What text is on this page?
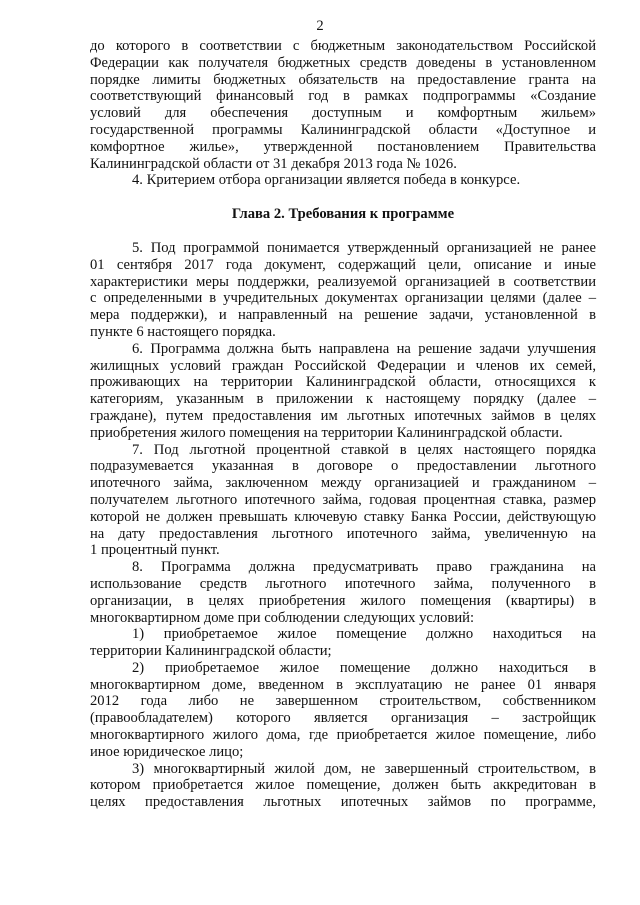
2

до которого в соответствии с бюджетным законодательством Российской

Федерации как получателя бюджетных средств доведены в установленном

порядке лимиты бюджетных обязательств на предоставление гранта на

соответствующий финансовый год в рамках подпрограммы «Создание

условий для обеспечения доступным и комфортным жильем»

государственной программы Калининградской области «Доступное и

комфортное жилье», утвержденной постановлением Правительства

Калининградской области от 31 декабря 2013 года № 1026.

4. Критерием отбора организации является победа в конкурсе.

Глава 2. Требования к программе

5. Под программой понимается утвержденный организацией не ранее

01 сентября 2017 года документ, содержащий цели, описание и иные

характеристики меры поддержки, реализуемой организацией в соответствии

с определенными в учредительных документах организации целями (далее –

мера поддержки), и направленный на решение задачи, установленной в

пункте 6 настоящего порядка.

6. Программа должна быть направлена на решение задачи улучшения

жилищных условий граждан Российской Федерации и членов их семей,

проживающих на территории Калининградской области, относящихся к

категориям, указанным в приложении к настоящему порядку (далее –

граждане), путем предоставления им льготных ипотечных займов в целях

приобретения жилого помещения на территории Калининградской области.

7. Под льготной процентной ставкой в целях настоящего порядка

подразумевается указанная в договоре о предоставлении льготного

ипотечного займа, заключенном между организацией и гражданином –

получателем льготного ипотечного займа, годовая процентная ставка, размер

которой не должен превышать ключевую ставку Банка России, действующую

на дату предоставления льготного ипотечного займа, увеличенную на

1 процентный пункт.

8. Программа должна предусматривать право гражданина на

использование средств льготного ипотечного займа, полученного в

организации, в целях приобретения жилого помещения (квартиры) в

многоквартирном доме при соблюдении следующих условий:

1) приобретаемое жилое помещение должно находиться на

территории Калининградской области;

2) приобретаемое жилое помещение должно находиться в

многоквартирном доме, введенном в эксплуатацию не ранее 01 января

2012 года либо не завершенном строительством, собственником

(правообладателем) которого является организация – застройщик

многоквартирного жилого дома, где приобретается жилое помещение, либо

иное юридическое лицо;

3) многоквартирный жилой дом, не завершенный строительством, в

котором приобретается жилое помещение, должен быть аккредитован в

целях предоставления льготных ипотечных займов по программе,
